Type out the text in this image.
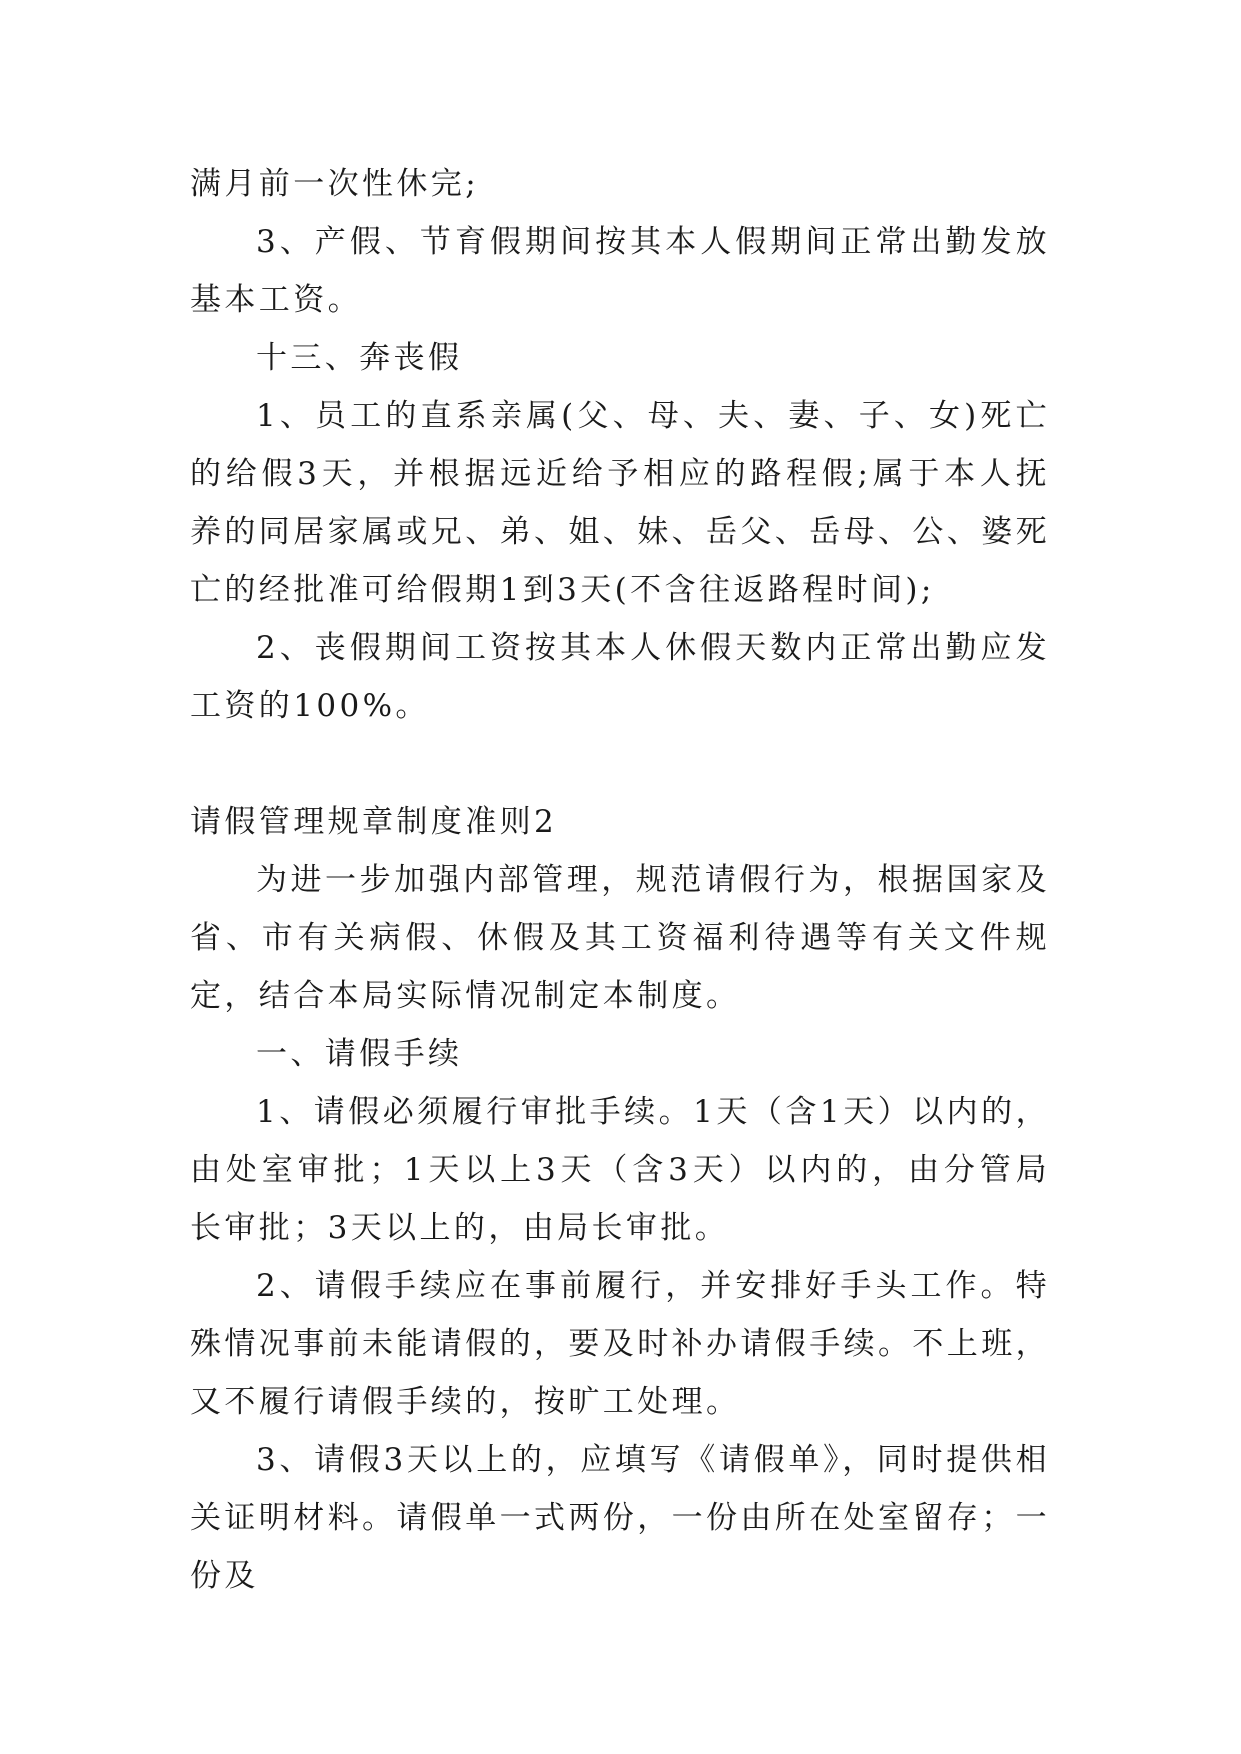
满月前一次性休完;

3、产假、节育假期间按其本人假期间正常出勤发放基本工资。

十三、奔丧假

1、员工的直系亲属(父、母、夫、妻、子、女)死亡的给假3天，并根据远近给予相应的路程假;属于本人抚养的同居家属或兄、弟、姐、妹、岳父、岳母、公、婆死亡的经批准可给假期1到3天(不含往返路程时间);

2、丧假期间工资按其本人休假天数内正常出勤应发工资的100%。

请假管理规章制度准则2

为进一步加强内部管理，规范请假行为，根据国家及省、市有关病假、休假及其工资福利待遇等有关文件规定，结合本局实际情况制定本制度。

一、请假手续

1、请假必须履行审批手续。1天（含1天）以内的，由处室审批；1天以上3天（含3天）以内的，由分管局长审批；3天以上的，由局长审批。

2、请假手续应在事前履行，并安排好手头工作。特殊情况事前未能请假的，要及时补办请假手续。不上班，又不履行请假手续的，按旷工处理。

3、请假3天以上的，应填写《请假单》，同时提供相关证明材料。请假单一式两份，一份由所在处室留存；一份及
